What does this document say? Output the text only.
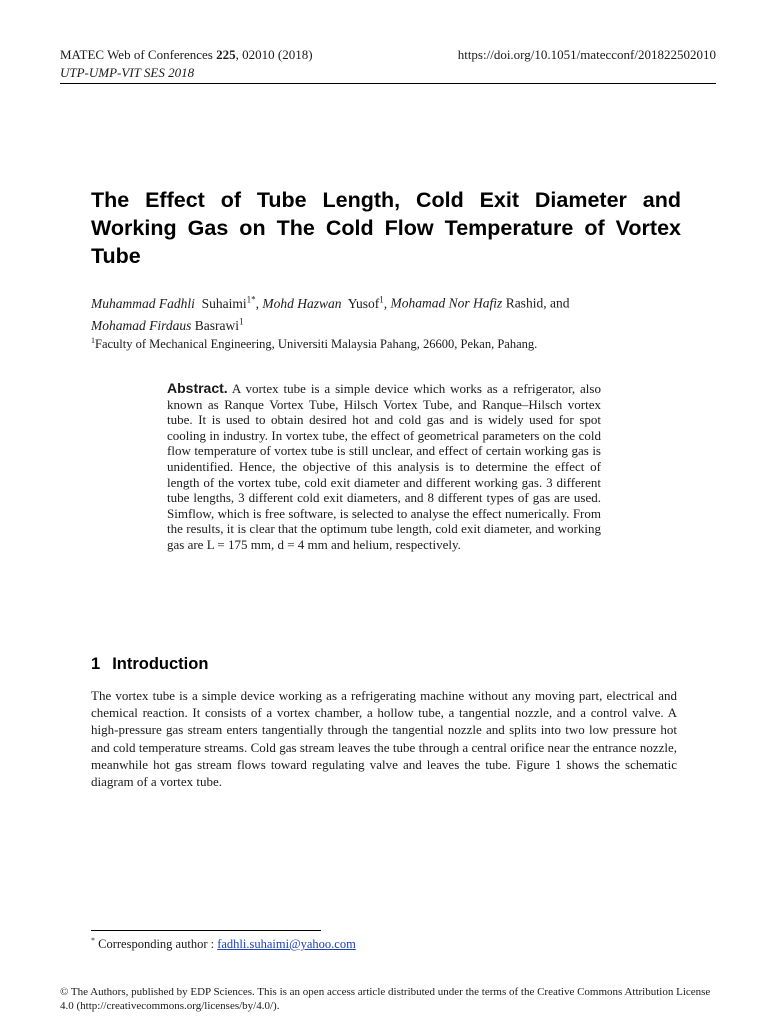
MATEC Web of Conferences 225, 02010 (2018)	https://doi.org/10.1051/matecconf/201822502010
UTP-UMP-VIT SES 2018
The Effect of Tube Length, Cold Exit Diameter and Working Gas on The Cold Flow Temperature of Vortex Tube
Muhammad Fadhli Suhaimi$^{1*}$, Mohd Hazwan Yusof$^1$, Mohamad Nor Hafiz Rashid, and
Mohamad Firdaus Basrawi$^1$
$^1$Faculty of Mechanical Engineering, Universiti Malaysia Pahang, 26600, Pekan, Pahang.
Abstract. A vortex tube is a simple device which works as a refrigerator, also known as Ranque Vortex Tube, Hilsch Vortex Tube, and Ranque–Hilsch vortex tube. It is used to obtain desired hot and cold gas and is widely used for spot cooling in industry. In vortex tube, the effect of geometrical parameters on the cold flow temperature of vortex tube is still unclear, and effect of certain working gas is unidentified. Hence, the objective of this analysis is to determine the effect of length of the vortex tube, cold exit diameter and different working gas. 3 different tube lengths, 3 different cold exit diameters, and 8 different types of gas are used. Simflow, which is free software, is selected to analyse the effect numerically. From the results, it is clear that the optimum tube length, cold exit diameter, and working gas are L = 175 mm, d = 4 mm and helium, respectively.
1 Introduction
The vortex tube is a simple device working as a refrigerating machine without any moving part, electrical and chemical reaction. It consists of a vortex chamber, a hollow tube, a tangential nozzle, and a control valve. A high-pressure gas stream enters tangentially through the tangential nozzle and splits into two low pressure hot and cold temperature streams. Cold gas stream leaves the tube through a central orifice near the entrance nozzle, meanwhile hot gas stream flows toward regulating valve and leaves the tube. Figure 1 shows the schematic diagram of a vortex tube.
* Corresponding author : fadhli.suhaimi@yahoo.com
© The Authors, published by EDP Sciences. This is an open access article distributed under the terms of the Creative Commons Attribution License 4.0 (http://creativecommons.org/licenses/by/4.0/).
